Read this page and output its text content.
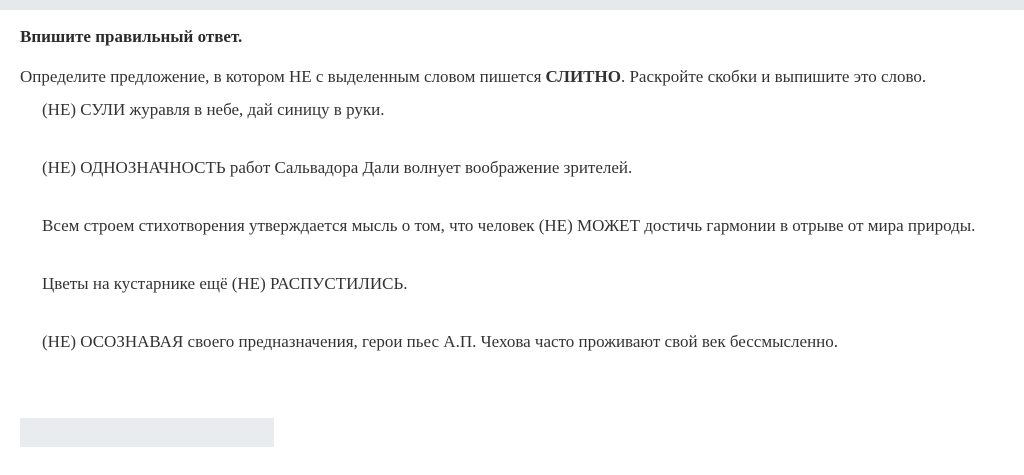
Впишите правильный ответ.
Определите предложение, в котором НЕ с выделенным словом пишется СЛИТНО. Раскройте скобки и выпишите это слово.
(НЕ) СУЛИ журавля в небе, дай синицу в руки.
(НЕ) ОДНОЗНАЧНОСТЬ работ Сальвадора Дали волнует воображение зрителей.
Всем строем стихотворения утверждается мысль о том, что человек (НЕ) МОЖЕТ достичь гармонии в отрыве от мира природы.
Цветы на кустарнике ещё (НЕ) РАСПУСТИЛИСЬ.
(НЕ) ОСОЗНАВАЯ своего предназначения, герои пьес А.П. Чехова часто проживают свой век бессмысленно.
